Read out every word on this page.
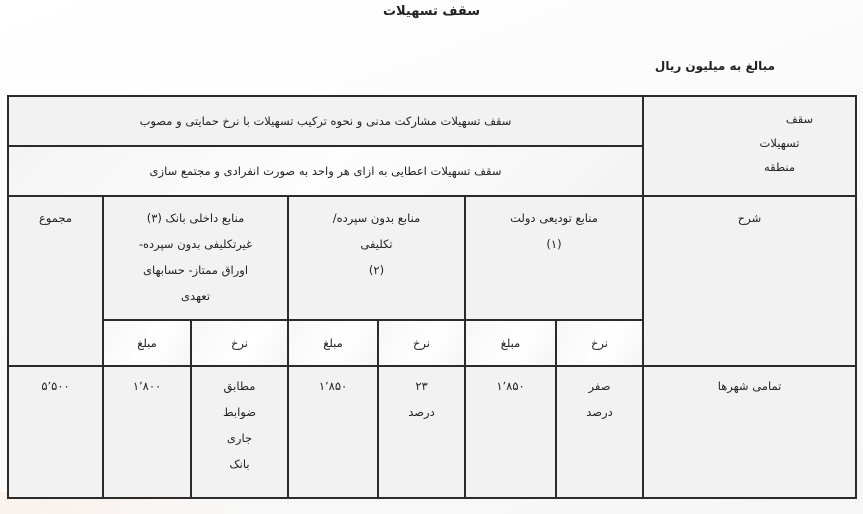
سقف تسهیلات
مبالغ به میلیون ریال
سقف
تسهیلات
منطقه
سقف تسهیلات مشارکت مدنی و نحوه ترکیب تسهیلات با نرخ حمایتی و مصوب
سقف تسهیلات اعطایی به ازای هر واحد به صورت انفرادی و مجتمع سازی
شرح
منابع تودیعی دولت
(۱)
منابع بدون سپرده/
تکلیفی
(۲)
منابع داخلی بانک (۳)
غیرتکلیفی بدون سپرده-
اوراق ممتاز- حسابهای
تعهدی
مجموع
نرخ
مبلغ
نرخ
مبلغ
نرخ
مبلغ
تمامی شهرها
صفر
درصد
۱٬۸۵۰
۲۳
درصد
۱٬۸۵۰
مطابق
ضوابط
جاری
بانک
۱٬۸۰۰
۵٬۵۰۰
